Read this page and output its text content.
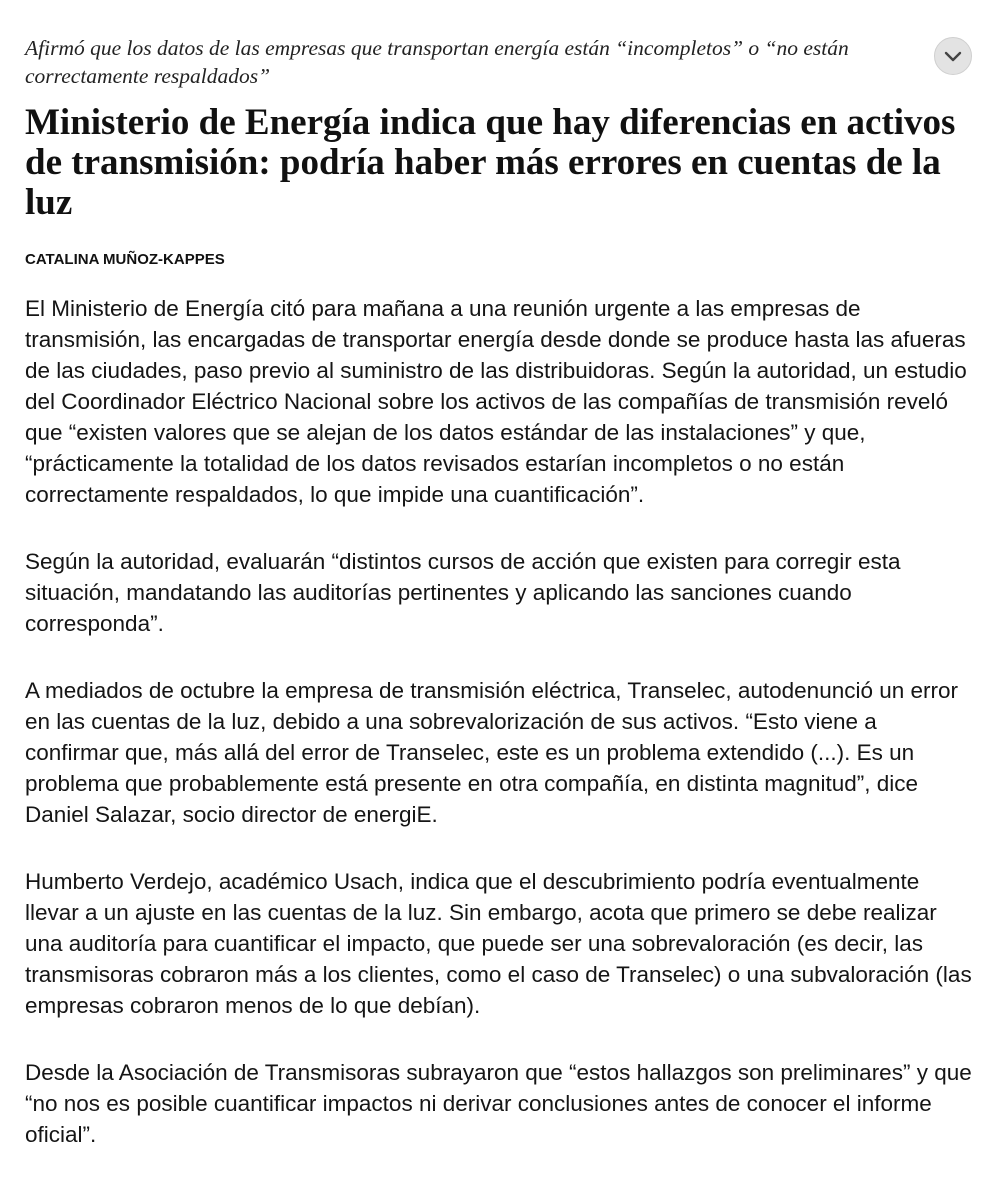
Afirmó que los datos de las empresas que transportan energía están “incompletos” o “no están correctamente respaldados”

Ministerio de Energía indica que hay diferencias en activos de transmisión: podría haber más errores en cuentas de la luz
CATALINA MUÑOZ-KAPPES

El Ministerio de Energía citó para mañana a una reunión urgente a las empresas de transmisión, las encargadas de transportar energía desde donde se produce hasta las afueras de las ciudades, paso previo al suministro de las distribuidoras. Según la autoridad, un estudio del Coordinador Eléctrico Nacional sobre los activos de las compañías de transmisión reveló que “existen valores que se alejan de los datos estándar de las instalaciones” y que, “prácticamente la totalidad de los datos revisados estarían incompletos o no están correctamente respaldados, lo que impide una cuantificación”.

Según la autoridad, evaluarán “distintos cursos de acción que existen para corregir esta situación, mandatando las auditorías pertinentes y aplicando las sanciones cuando corresponda”.

A mediados de octubre la empresa de transmisión eléctrica, Transelec, autodenunció un error en las cuentas de la luz, debido a una sobrevalorización de sus activos. “Esto viene a confirmar que, más allá del error de Transelec, este es un problema extendido (...). Es un problema que probablemente está presente en otra compañía, en distinta magnitud”, dice Daniel Salazar, socio director de energiE.

Humberto Verdejo, académico Usach, indica que el descubrimiento podría eventualmente llevar a un ajuste en las cuentas de la luz. Sin embargo, acota que primero se debe realizar una auditoría para cuantificar el impacto, que puede ser una sobrevaloración (es decir, las transmisoras cobraron más a los clientes, como el caso de Transelec) o una subvaloración (las empresas cobraron menos de lo que debían).

Desde la Asociación de Transmisoras subrayaron que “estos hallazgos son preliminares” y que “no nos es posible cuantificar impactos ni derivar conclusiones antes de conocer el informe oficial”.
